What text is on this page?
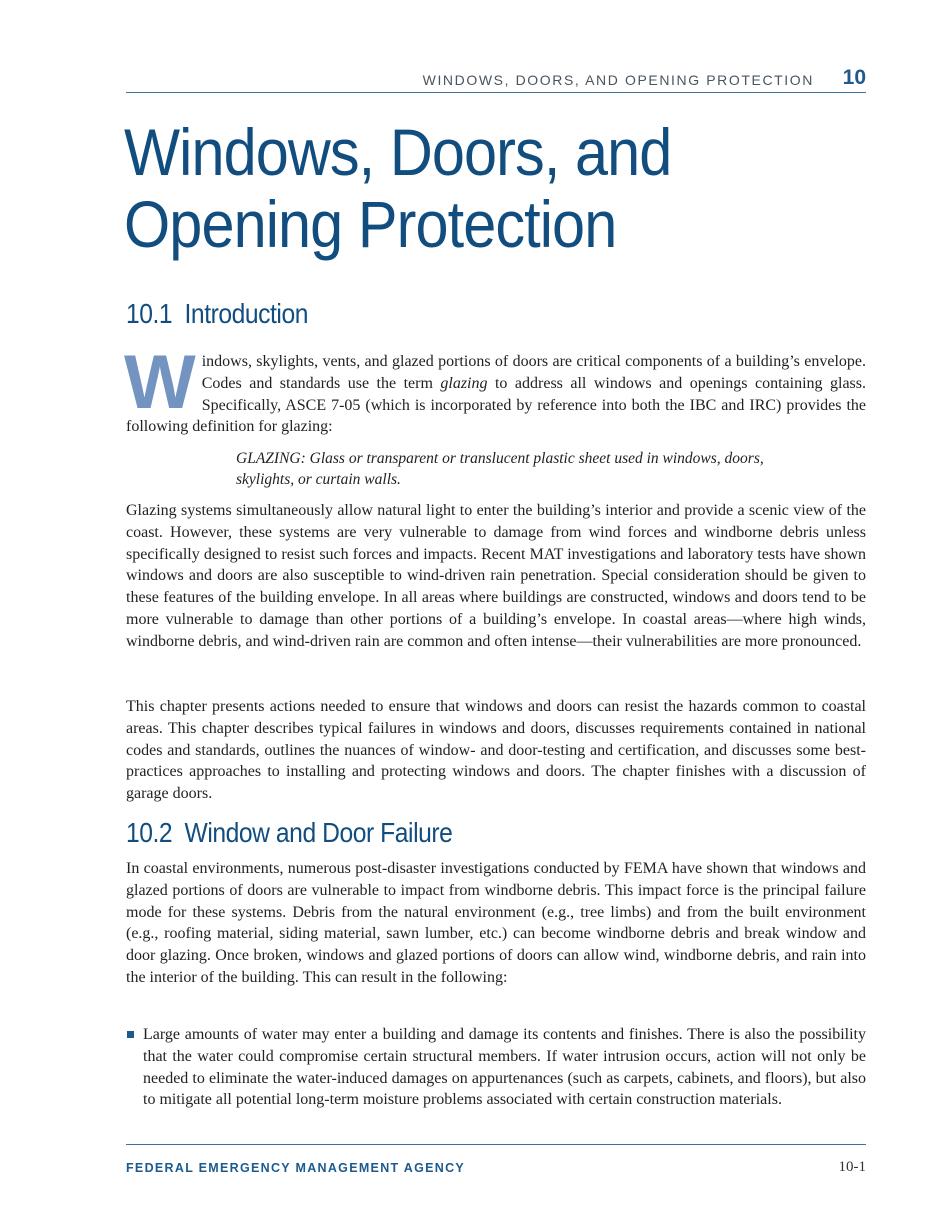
WINDOWS, DOORS, AND OPENING PROTECTION 10
Windows, Doors, and
Opening Protection
10.1 Introduction

Windows, skylights, vents, and glazed portions of doors are critical components of a building’s envelope. Codes and standards use the term glazing to address all windows and openings containing glass. Specifically, ASCE 7-05 (which is incorporated by reference into both the IBC and IRC) provides the following definition for glazing:

GLAZING: Glass or transparent or translucent plastic sheet used in windows, doors, skylights, or curtain walls.

Glazing systems simultaneously allow natural light to enter the building’s interior and provide a scenic view of the coast. However, these systems are very vulnerable to damage from wind forces and windborne debris unless specifically designed to resist such forces and impacts. Recent MAT investigations and laboratory tests have shown windows and doors are also susceptible to wind-driven rain penetration. Special consideration should be given to these features of the building envelope. In all areas where buildings are constructed, windows and doors tend to be more vulnerable to damage than other portions of a building’s envelope. In coastal areas—where high winds, windborne debris, and wind-driven rain are common and often intense—their vulnerabilities are more pronounced.

This chapter presents actions needed to ensure that windows and doors can resist the hazards common to coastal areas. This chapter describes typical failures in windows and doors, discusses requirements contained in national codes and standards, outlines the nuances of window- and door-testing and certification, and discusses some best-practices approaches to installing and protecting windows and doors. The chapter finishes with a discussion of garage doors.

10.2 Window and Door Failure

In coastal environments, numerous post-disaster investigations conducted by FEMA have shown that windows and glazed portions of doors are vulnerable to impact from windborne debris. This impact force is the principal failure mode for these systems. Debris from the natural environment (e.g., tree limbs) and from the built environment (e.g., roofing material, siding material, sawn lumber, etc.) can become windborne debris and break window and door glazing. Once broken, windows and glazed portions of doors can allow wind, windborne debris, and rain into the interior of the building. This can result in the following:

Large amounts of water may enter a building and damage its contents and finishes. There is also the possibility that the water could compromise certain structural members. If water intrusion occurs, action will not only be needed to eliminate the water-induced damages on appurtenances (such as carpets, cabinets, and floors), but also to mitigate all potential long-term moisture problems associated with certain construction materials.
FEDERAL EMERGENCY MANAGEMENT AGENCY	10-1
